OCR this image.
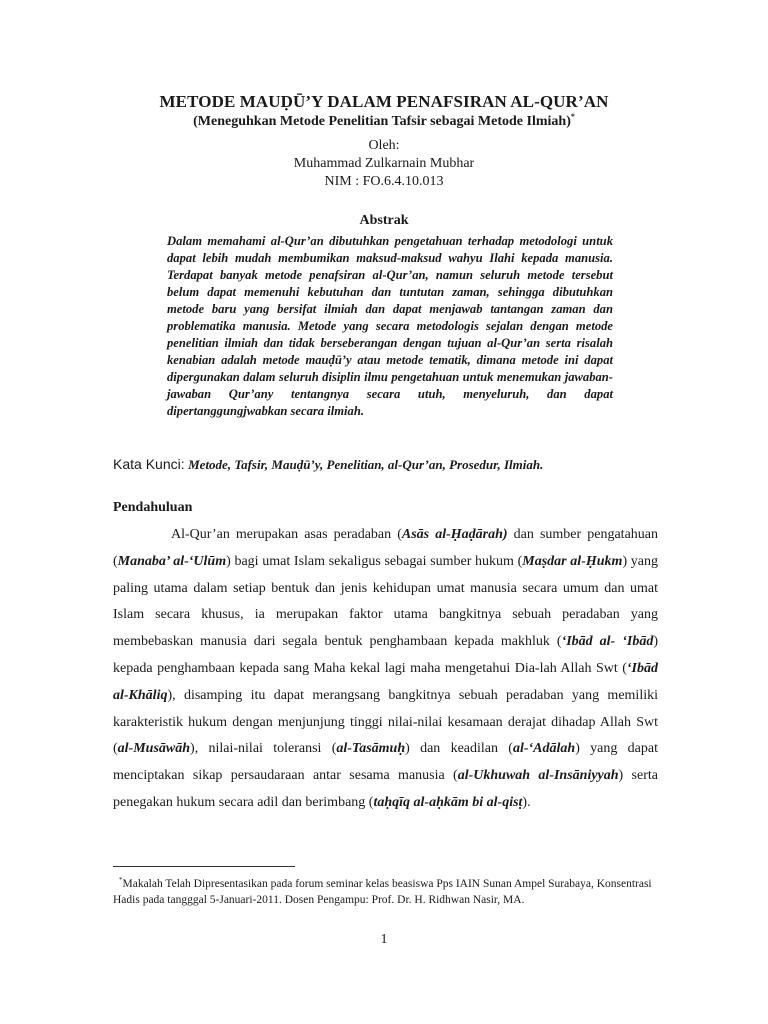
METODE MAUḌŪ’Y DALAM PENAFSIRAN AL-QUR’AN
(Meneguhkan Metode Penelitian Tafsir sebagai Metode Ilmiah)*
Oleh:
Muhammad Zulkarnain Mubhar
NIM : FO.6.4.10.013
Abstrak
Dalam memahami al-Qur’an dibutuhkan pengetahuan terhadap metodologi untuk dapat lebih mudah membumikan maksud-maksud wahyu Ilahi kepada manusia. Terdapat banyak metode penafsiran al-Qur’an, namun seluruh metode tersebut belum dapat memenuhi kebutuhan dan tuntutan zaman, sehingga dibutuhkan metode baru yang bersifat ilmiah dan dapat menjawab tantangan zaman dan problematika manusia. Metode yang secara metodologis sejalan dengan metode penelitian ilmiah dan tidak berseberangan dengan tujuan al-Qur’an serta risalah kenabian adalah metode mauḍū’y atau metode tematik, dimana metode ini dapat dipergunakan dalam seluruh disiplin ilmu pengetahuan untuk menemukan jawaban-jawaban Qur’any tentangnya secara utuh, menyeluruh, dan dapat dipertanggungjwabkan secara ilmiah.
Kata Kunci: Metode, Tafsir, Mauḍū’y, Penelitian, al-Qur’an, Prosedur, Ilmiah.
Pendahuluan
Al-Qur’an merupakan asas peradaban (Asās al-Ḥaḍārah) dan sumber pengatahuan (Manaba’ al-‘Ulūm) bagi umat Islam sekaligus sebagai sumber hukum (Maṣdar al-Ḥukm) yang paling utama dalam setiap bentuk dan jenis kehidupan umat manusia secara umum dan umat Islam secara khusus, ia merupakan faktor utama bangkitnya sebuah peradaban yang membebaskan manusia dari segala bentuk penghambaan kepada makhluk (‘Ibād al- ‘Ibād) kepada penghambaan kepada sang Maha kekal lagi maha mengetahui Dia-lah Allah Swt (‘Ibād al-Khāliq), disamping itu dapat merangsang bangkitnya sebuah peradaban yang memiliki karakteristik hukum dengan menjunjung tinggi nilai-nilai kesamaan derajat dihadap Allah Swt (al-Musāwāh), nilai-nilai toleransi (al-Tasāmuḥ) dan keadilan (al-‘Adālah) yang dapat menciptakan sikap persaudaraan antar sesama manusia (al-Ukhuwah al-Insāniyyah) serta penegakan hukum secara adil dan berimbang (taḥqīq al-aḥkām bi al-qisṭ).
*Makalah Telah Dipresentasikan pada forum seminar kelas beasiswa Pps IAIN Sunan Ampel Surabaya, Konsentrasi Hadis pada tangggal 5-Januari-2011. Dosen Pengampu: Prof. Dr. H. Ridhwan Nasir, MA.
1
